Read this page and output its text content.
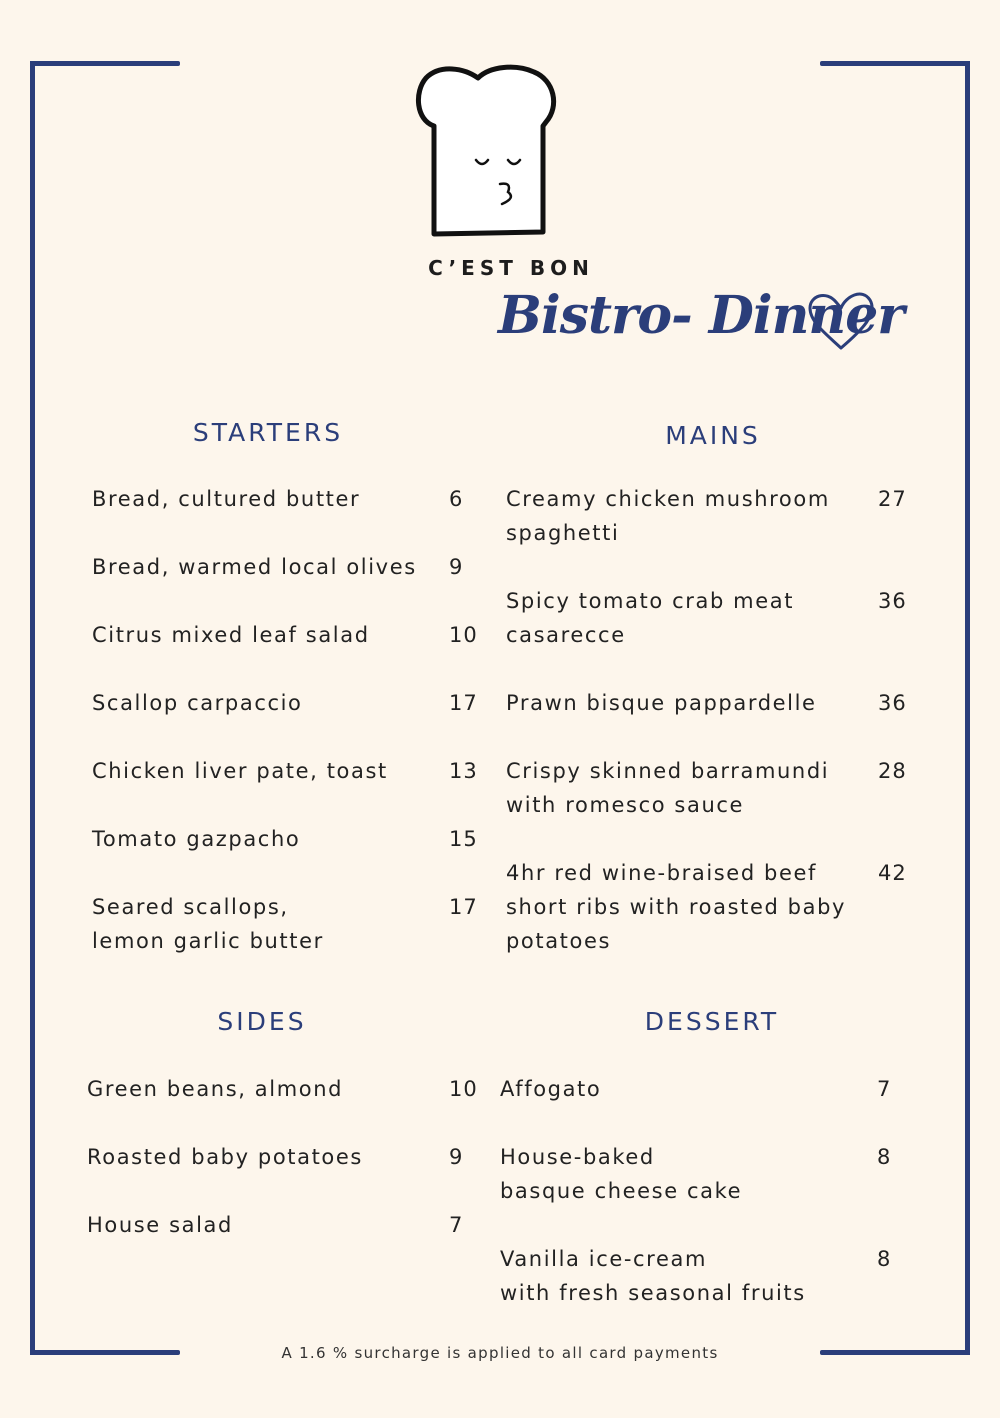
C’EST BON
Bistro- Dinner
STARTERS	MAINS
SIDES	DESSERT
Bread, cultured butter	6
Bread, warmed local olives 9
Citrus mixed leaf salad	10
Scallop carpaccio	17
Chicken liver pate, toast	13
Tomato gazpacho	15
Seared scallops,
lemon garlic butter
17
Creamy chicken mushroom
spaghetti
27
Spicy tomato crab meat
casarecce
36
Prawn bisque pappardelle	36
Crispy skinned barramundi
with romesco sauce
28
4hr red wine-braised beef
short ribs with roasted baby
potatoes
42
Green beans, almond	10
Roasted baby potatoes	9
House salad	7
Affogato	7
House-baked
basque cheese cake
8
Vanilla ice-cream
with fresh seasonal fruits
8
A 1.6 % surcharge is applied to all card payments
